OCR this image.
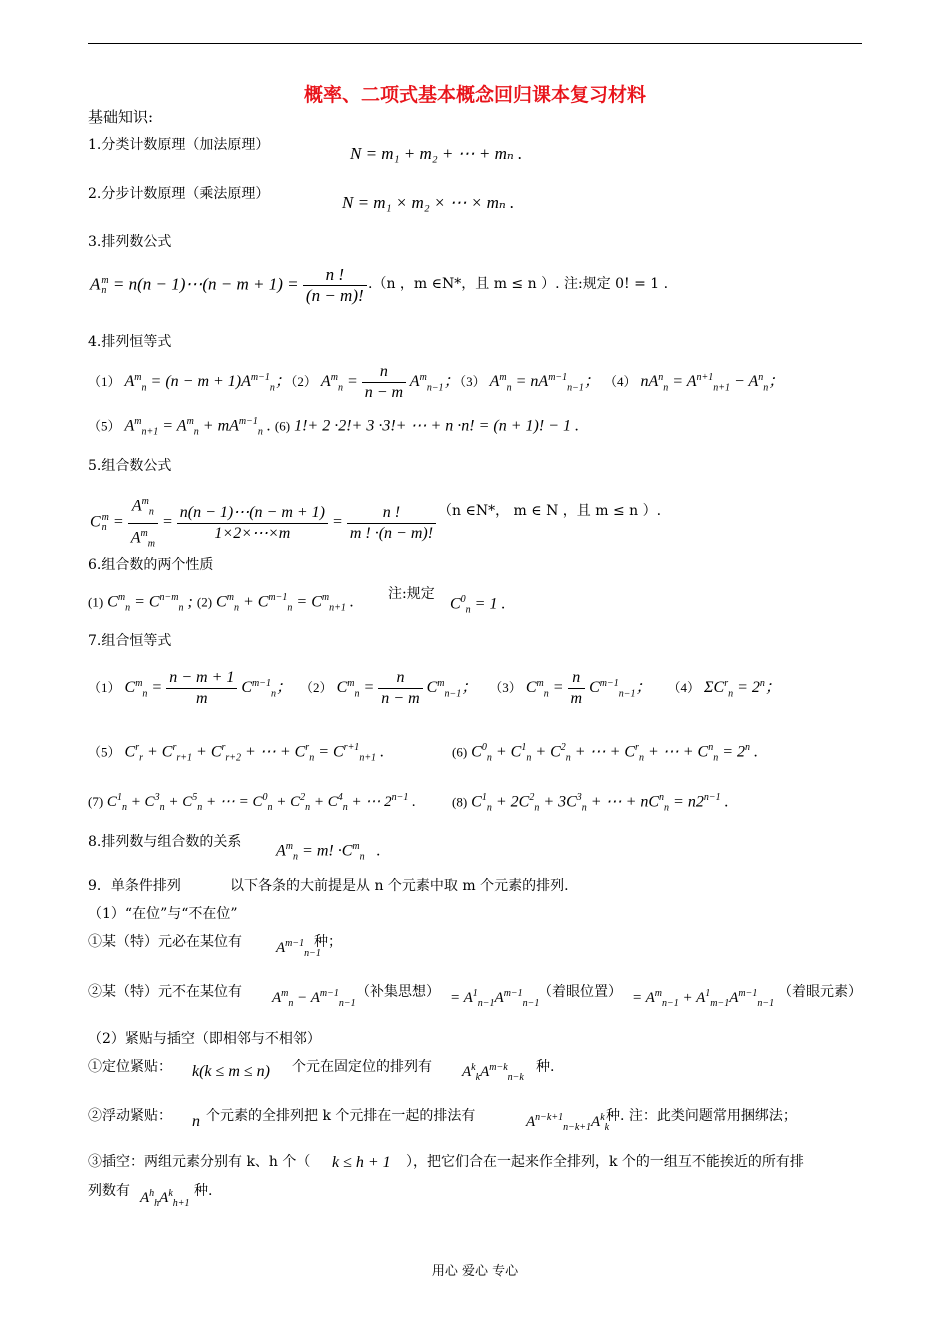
概率、二项式基本概念回归课本复习材料
基础知识:
1.分类计数原理（加法原理）	N = m₁ + m₂ + ⋯ + mₙ .
2.分步计数原理（乘法原理）	N = m₁ × m₂ × ⋯ × mₙ .
3.排列数公式
A m
n = n(n − 1)⋯(n − $m + 1) = \frac{n !}{(n - m)!} .(n$ ，m ∈N*，且 m ≤ n ）. 注:规定 0! = 1 .
4.排列恒等式
（1） $A^m_n = (n - m + 1)A^{m-1}_n$；（2） $A^m_n = \frac{n}{n - m} A^m_{n-1}$；（3） $A^m_n = nA^{m-1}_{n-1}$； （4） $nA^n_n = A^{n+1}_{n+1} - A^n_n$；
（5） $A^m_{n+1} = A^m_n + mA^{m-1}_n$ . (6) 1!+ 2 ·2!+ 3 ·3!+ ⋯ + n ·n! = (n + 1)! − 1 .
5.组合数公式
C m
$n = \frac{A^m_n}{A^m_m} = \frac{n(n - 1)\cdots(n - m + 1)}{1\times 2\times\cdots\times m} = \frac{n !}{m ! \cdot(n - m)!} (n$ ∈N*， m ∈ N ，且 m ≤ n ）.
6.组合数的两个性质
(1) $C^m_n = C^{n-m}_n$ ; (2) $C^m_n + C^{m-1}_n = C^m_{n+1}$ . 注:规定
$C^0_n = 1$ .
7.组合恒等式
（1） $C^m_n = \frac{n - m + 1}{m} C^{m-1}_n$；  （2） $C^m_n = \frac{n}{n - m} C^m_{n-1}$；   （3） $C^m_n = \frac{n}{m} C^{m-1}_{n-1}$；    （4） $\Sigma C^r_n = 2^n$；
（5） $C^r_r + C^r_{r+1} + C^r_{r+2}$ + ⋯ + $C^r_n = C^{r+1}_{n+1}$ .	(6) $C^0_n + C^1_n + C^2_n$ + ⋯ + $C^r_n$ + ⋯ + $C^n_n = 2^n$ .
(7) $C^1_n + C^3_n + C^5_n$ + ⋯ = $C^0_n + C^2_n + C^4_n$ + ⋯ $2^{n-1}$ .	(8) $C^1_n + 2C^2_n + 3C^3_n$ + ⋯ + $nC^n_n = n2^{n-1}$ .
8.排列数与组合数的关系
$A^m_n = m$! $\cdot C^m_n$   .
9．单条件排列	以下各条的大前提是从 n 个元素中取 m 个元素的排列.
（1）“在位”与“不在位”
①某（特）元必在某位有 $A^{m-1}_{n-1}$
种；
②某（特）元不在某位有 $A^m_n - A^{m-1}_{n-1}$
（补集思想） = $A^1_{n-1}A^{m-1}_{n-1}$
（着眼位置） = $A^m_{n-1} + A^1_{m-1}A^{m-1}_{n-1}$
（着眼元素）
（2）紧贴与插空（即相邻与不相邻）
①定位紧贴： k(k ≤ m ≤ n) 个元在固定位的排列有 $A^k_kA^{m-k}_{n-k}$
种.
②浮动紧贴： n 个元素的全排列把 k 个元排在一起的排法有	$A^{n-k+1}_{n-k+1}A^k_k$
种. 注：此类问题常用捆绑法；
③插空：两组元素分别有 k、h 个（ k ≤ h + 1 ），把它们合在一起来作全排列，k 个的一组互不能挨近的所有排
列数有 $A^h_hA^k_{h+1}$
种.
用心 爱心 专心
